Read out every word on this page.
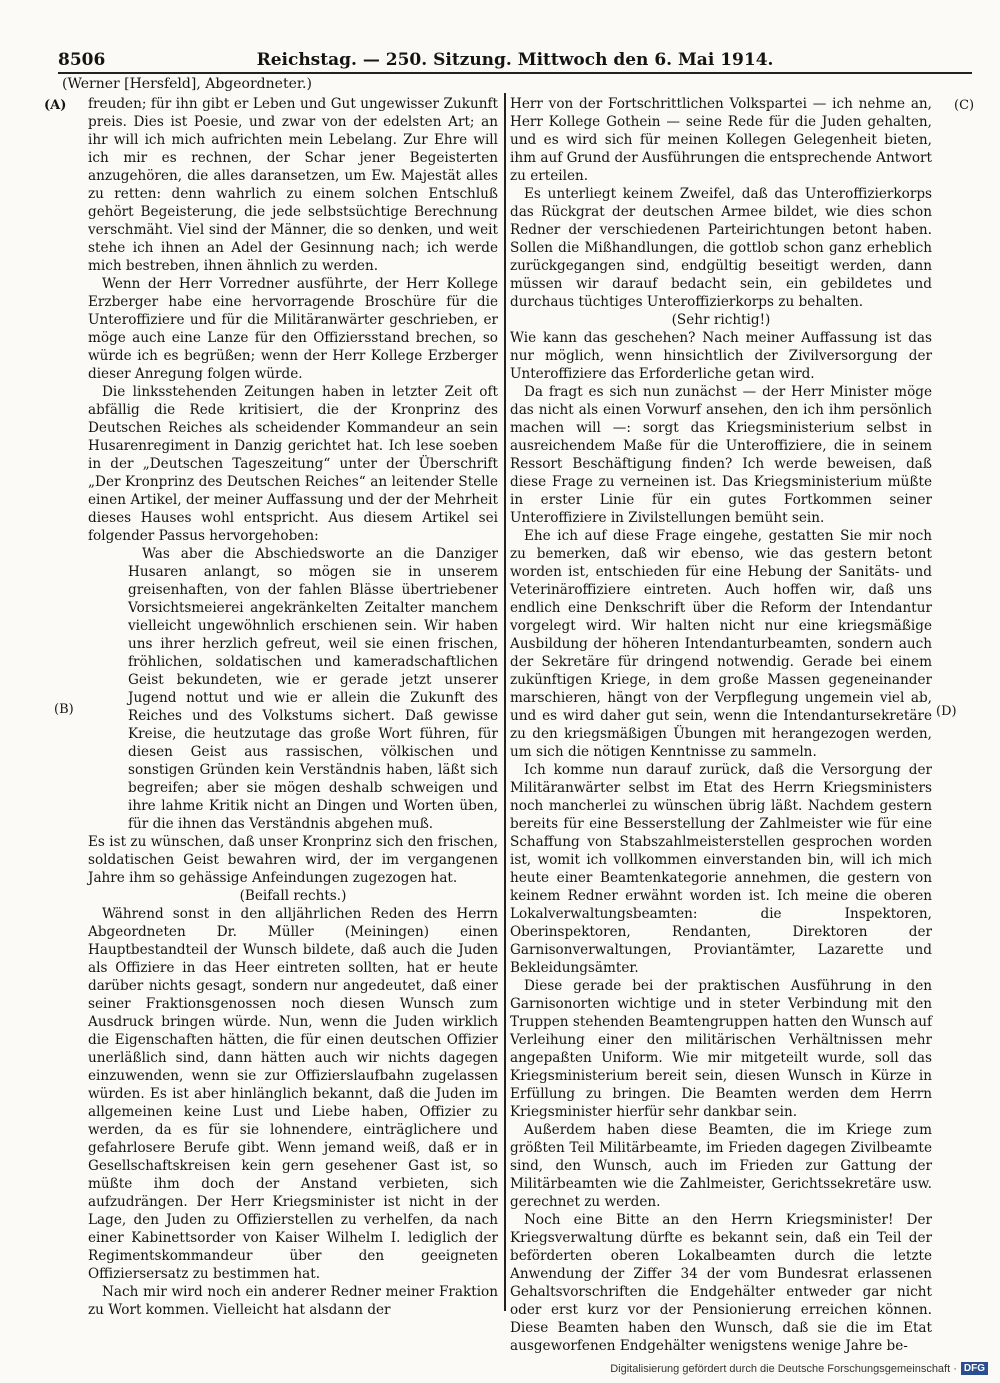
8506	Reichstag. — 250. Sitzung. Mittwoch den 6. Mai 1914.
(Werner [Hersfeld], Abgeordneter.)
(A)
(B)
(C)
(D)

freuden; für ihn gibt er Leben und Gut ungewisser Zukunft preis. Dies ist Poesie, und zwar von der edelsten Art; an ihr will ich mich aufrichten mein Lebelang. Zur Ehre will ich mir es rechnen, der Schar jener Begeisterten anzugehören, die alles daransetzen, um Ew. Majestät alles zu retten: denn wahrlich zu einem solchen Entschluß gehört Begeisterung, die jede selbstsüchtige Berechnung verschmäht. Viel sind der Männer, die so denken, und weit stehe ich ihnen an Adel der Gesinnung nach; ich werde mich bestreben, ihnen ähnlich zu werden.

Wenn der Herr Vorredner ausführte, der Herr Kollege Erzberger habe eine hervorragende Broschüre für die Unteroffiziere und für die Militäranwärter geschrieben, er möge auch eine Lanze für den Offiziersstand brechen, so würde ich es begrüßen; wenn der Herr Kollege Erzberger dieser Anregung folgen würde.

Die linksstehenden Zeitungen haben in letzter Zeit oft abfällig die Rede kritisiert, die der Kronprinz des Deutschen Reiches als scheidender Kommandeur an sein Husarenregiment in Danzig gerichtet hat. Ich lese soeben in der „Deutschen Tageszeitung“ unter der Überschrift „Der Kronprinz des Deutschen Reiches“ an leitender Stelle einen Artikel, der meiner Auffassung und der der Mehrheit dieses Hauses wohl entspricht. Aus diesem Artikel sei folgender Passus hervorgehoben:

Was aber die Abschiedsworte an die Danziger Husaren anlangt, so mögen sie in unserem greisenhaften, von der fahlen Blässe übertriebener Vorsichtsmeierei angekränkelten Zeitalter manchem vielleicht ungewöhnlich erschienen sein. Wir haben uns ihrer herzlich gefreut, weil sie einen frischen, fröhlichen, soldatischen und kameradschaftlichen Geist bekundeten, wie er gerade jetzt unserer Jugend nottut und wie er allein die Zukunft des Reiches und des Volkstums sichert. Daß gewisse Kreise, die heutzutage das große Wort führen, für diesen Geist aus rassischen, völkischen und sonstigen Gründen kein Verständnis haben, läßt sich begreifen; aber sie mögen deshalb schweigen und ihre lahme Kritik nicht an Dingen und Worten üben, für die ihnen das Verständnis abgehen muß.

Es ist zu wünschen, daß unser Kronprinz sich den frischen, soldatischen Geist bewahren wird, der im vergangenen Jahre ihm so gehässige Anfeindungen zugezogen hat.

(Beifall rechts.)

Während sonst in den alljährlichen Reden des Herrn Abgeordneten Dr. Müller (Meiningen) einen Hauptbestandteil der Wunsch bildete, daß auch die Juden als Offiziere in das Heer eintreten sollten, hat er heute darüber nichts gesagt, sondern nur angedeutet, daß einer seiner Fraktionsgenossen noch diesen Wunsch zum Ausdruck bringen würde. Nun, wenn die Juden wirklich die Eigenschaften hätten, die für einen deutschen Offizier unerläßlich sind, dann hätten auch wir nichts dagegen einzuwenden, wenn sie zur Offizierslaufbahn zugelassen würden. Es ist aber hinlänglich bekannt, daß die Juden im allgemeinen keine Lust und Liebe haben, Offizier zu werden, da es für sie lohnendere, einträglichere und gefahrlosere Berufe gibt. Wenn jemand weiß, daß er in Gesellschaftskreisen kein gern gesehener Gast ist, so müßte ihm doch der Anstand verbieten, sich aufzudrängen. Der Herr Kriegsminister ist nicht in der Lage, den Juden zu Offizierstellen zu verhelfen, da nach einer Kabinettsorder von Kaiser Wilhelm I. lediglich der Regimentskommandeur über den geeigneten Offiziersersatz zu bestimmen hat.

Nach mir wird noch ein anderer Redner meiner Fraktion zu Wort kommen. Vielleicht hat alsdann der

Herr von der Fortschrittlichen Volkspartei — ich nehme an, Herr Kollege Gothein — seine Rede für die Juden gehalten, und es wird sich für meinen Kollegen Gelegenheit bieten, ihm auf Grund der Ausführungen die entsprechende Antwort zu erteilen.

Es unterliegt keinem Zweifel, daß das Unteroffizierkorps das Rückgrat der deutschen Armee bildet, wie dies schon Redner der verschiedenen Parteirichtungen betont haben. Sollen die Mißhandlungen, die gottlob schon ganz erheblich zurückgegangen sind, endgültig beseitigt werden, dann müssen wir darauf bedacht sein, ein gebildetes und durchaus tüchtiges Unteroffizierkorps zu behalten.

(Sehr richtig!)

Wie kann das geschehen? Nach meiner Auffassung ist das nur möglich, wenn hinsichtlich der Zivilversorgung der Unteroffiziere das Erforderliche getan wird.

Da fragt es sich nun zunächst — der Herr Minister möge das nicht als einen Vorwurf ansehen, den ich ihm persönlich machen will —: sorgt das Kriegsministerium selbst in ausreichendem Maße für die Unteroffiziere, die in seinem Ressort Beschäftigung finden? Ich werde beweisen, daß diese Frage zu verneinen ist. Das Kriegsministerium müßte in erster Linie für ein gutes Fortkommen seiner Unteroffiziere in Zivilstellungen bemüht sein.

Ehe ich auf diese Frage eingehe, gestatten Sie mir noch zu bemerken, daß wir ebenso, wie das gestern betont worden ist, entschieden für eine Hebung der Sanitäts- und Veterinäroffiziere eintreten. Auch hoffen wir, daß uns endlich eine Denkschrift über die Reform der Intendantur vorgelegt wird. Wir halten nicht nur eine kriegsmäßige Ausbildung der höheren Intendanturbeamten, sondern auch der Sekretäre für dringend notwendig. Gerade bei einem zukünftigen Kriege, in dem große Massen gegeneinander marschieren, hängt von der Verpflegung ungemein viel ab, und es wird daher gut sein, wenn die Intendantursekretäre zu den kriegsmäßigen Übungen mit herangezogen werden, um sich die nötigen Kenntnisse zu sammeln.

Ich komme nun darauf zurück, daß die Versorgung der Militäranwärter selbst im Etat des Herrn Kriegsministers noch mancherlei zu wünschen übrig läßt. Nachdem gestern bereits für eine Besserstellung der Zahlmeister wie für eine Schaffung von Stabszahlmeisterstellen gesprochen worden ist, womit ich vollkommen einverstanden bin, will ich mich heute einer Beamtenkategorie annehmen, die gestern von keinem Redner erwähnt worden ist. Ich meine die oberen Lokalverwaltungsbeamten: die Inspektoren, Oberinspektoren, Rendanten, Direktoren der Garnisonverwaltungen, Proviantämter, Lazarette und Bekleidungsämter.

Diese gerade bei der praktischen Ausführung in den Garnisonorten wichtige und in steter Verbindung mit den Truppen stehenden Beamtengruppen hatten den Wunsch auf Verleihung einer den militärischen Verhältnissen mehr angepaßten Uniform. Wie mir mitgeteilt wurde, soll das Kriegsministerium bereit sein, diesen Wunsch in Kürze in Erfüllung zu bringen. Die Beamten werden dem Herrn Kriegsminister hierfür sehr dankbar sein.

Außerdem haben diese Beamten, die im Kriege zum größten Teil Militärbeamte, im Frieden dagegen Zivilbeamte sind, den Wunsch, auch im Frieden zur Gattung der Militärbeamten wie die Zahlmeister, Gerichtssekretäre usw. gerechnet zu werden.

Noch eine Bitte an den Herrn Kriegsminister! Der Kriegsverwaltung dürfte es bekannt sein, daß ein Teil der beförderten oberen Lokalbeamten durch die letzte Anwendung der Ziffer 34 der vom Bundesrat erlassenen Gehaltsvorschriften die Endgehälter entweder gar nicht oder erst kurz vor der Pensionierung erreichen können. Diese Beamten haben den Wunsch, daß sie die im Etat ausgeworfenen Endgehälter wenigstens wenige Jahre be-

Digitalisierung gefördert durch die Deutsche Forschungsgemeinschaft · DFG
